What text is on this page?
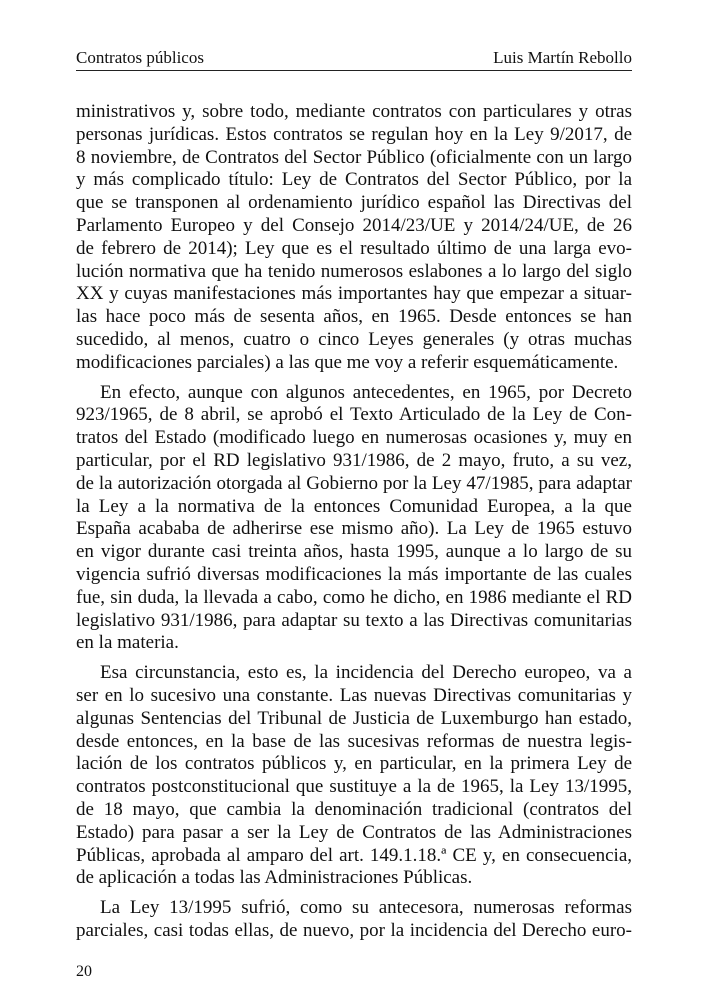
Contratos públicos	Luis Martín Rebollo
ministrativos y, sobre todo, mediante contratos con particulares y otras
personas jurídicas. Estos contratos se regulan hoy en la Ley 9/2017, de
8 noviembre, de Contratos del Sector Público (oficialmente con un largo
y más complicado título: Ley de Contratos del Sector Público, por la
que se transponen al ordenamiento jurídico español las Directivas del
Parlamento Europeo y del Consejo 2014/23/UE y 2014/24/UE, de 26
de febrero de 2014); Ley que es el resultado último de una larga evo-
lución normativa que ha tenido numerosos eslabones a lo largo del siglo
XX y cuyas manifestaciones más importantes hay que empezar a situar-
las hace poco más de sesenta años, en 1965. Desde entonces se han
sucedido, al menos, cuatro o cinco Leyes generales (y otras muchas
modificaciones parciales) a las que me voy a referir esquemáticamente.
En efecto, aunque con algunos antecedentes, en 1965, por Decreto
923/1965, de 8 abril, se aprobó el Texto Articulado de la Ley de Con-
tratos del Estado (modificado luego en numerosas ocasiones y, muy en
particular, por el RD legislativo 931/1986, de 2 mayo, fruto, a su vez,
de la autorización otorgada al Gobierno por la Ley 47/1985, para adaptar
la Ley a la normativa de la entonces Comunidad Europea, a la que
España acababa de adherirse ese mismo año). La Ley de 1965 estuvo
en vigor durante casi treinta años, hasta 1995, aunque a lo largo de su
vigencia sufrió diversas modificaciones la más importante de las cuales
fue, sin duda, la llevada a cabo, como he dicho, en 1986 mediante el RD
legislativo 931/1986, para adaptar su texto a las Directivas comunitarias
en la materia.
Esa circunstancia, esto es, la incidencia del Derecho europeo, va a
ser en lo sucesivo una constante. Las nuevas Directivas comunitarias y
algunas Sentencias del Tribunal de Justicia de Luxemburgo han estado,
desde entonces, en la base de las sucesivas reformas de nuestra legis-
lación de los contratos públicos y, en particular, en la primera Ley de
contratos postconstitucional que sustituye a la de 1965, la Ley 13/1995,
de 18 mayo, que cambia la denominación tradicional (contratos del
Estado) para pasar a ser la Ley de Contratos de las Administraciones
Públicas, aprobada al amparo del art. 149.1.18.ª CE y, en consecuencia,
de aplicación a todas las Administraciones Públicas.
La Ley 13/1995 sufrió, como su antecesora, numerosas reformas
parciales, casi todas ellas, de nuevo, por la incidencia del Derecho euro-
20
